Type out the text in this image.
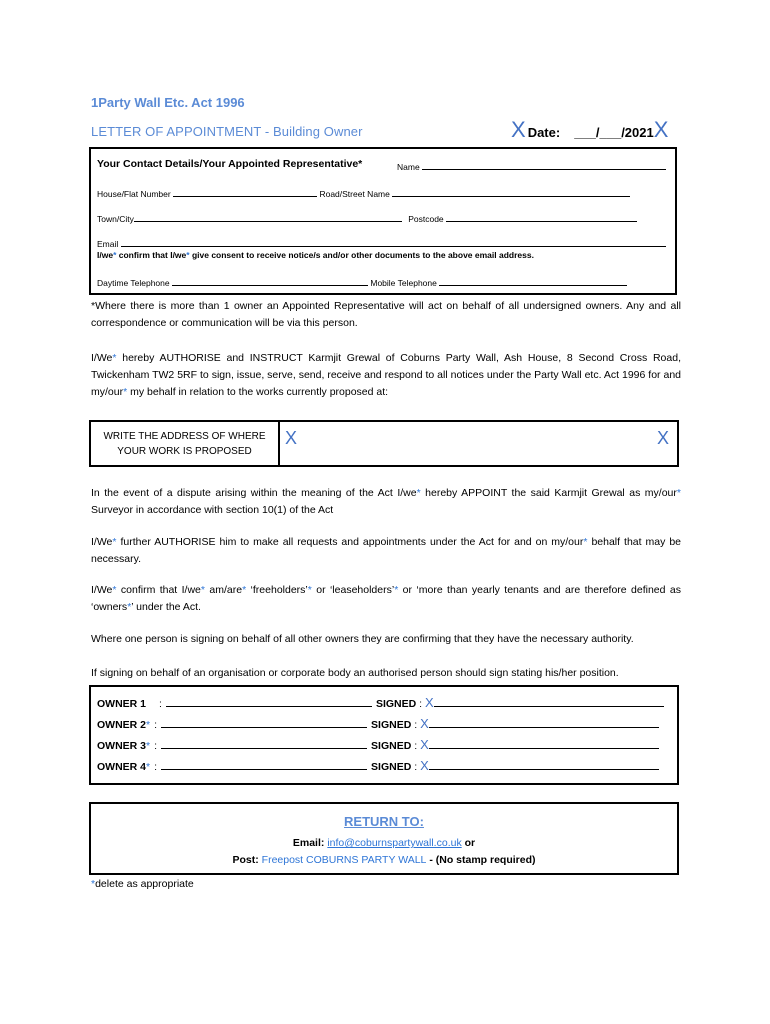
1Party Wall Etc. Act 1996
LETTER OF APPOINTMENT - Building Owner	X Date: ___/___/2021 X
Your Contact Details/Your Appointed Representative*	Name
House/Flat Number	Road/Street Name
Town/City	Postcode
Email
I/we* confirm that I/we* give consent to receive notice/s and/or other documents to the above email address.
Daytime Telephone	Mobile Telephone
*Where there is more than 1 owner an Appointed Representative will act on behalf of all undersigned owners. Any and all correspondence or communication will be via this person.
I/We* hereby AUTHORISE and INSTRUCT Karmjit Grewal of Coburns Party Wall, Ash House, 8 Second Cross Road, Twickenham TW2 5RF to sign, issue, serve, send, receive and respond to all notices under the Party Wall etc. Act 1996 for and my/our* my behalf in relation to the works currently proposed at:
WRITE THE ADDRESS OF WHERE YOUR WORK IS PROPOSED
X	X
In the event of a dispute arising within the meaning of the Act I/we* hereby APPOINT the said Karmjit Grewal as my/our* Surveyor in accordance with section 10(1) of the Act
I/We* further AUTHORISE him to make all requests and appointments under the Act for and on my/our* behalf that may be necessary.
I/We* confirm that I/we* am/are* ‘freeholders’* or ‘leaseholders’* or ‘more than yearly tenants and are therefore defined as ‘owners*’ under the Act.
Where one person is signing on behalf of all other owners they are confirming that they have the necessary authority.
If signing on behalf of an organisation or corporate body an authorised person should sign stating his/her position.
OWNER 1 :	SIGNED : X
OWNER 2 * :	SIGNED : X
OWNER 3 * :	SIGNED : X
OWNER 4 * :	SIGNED : X
RETURN TO:
Email: info@coburnspartywall.co.uk or
Post: Freepost COBURNS PARTY WALL - (No stamp required)
*delete as appropriate
